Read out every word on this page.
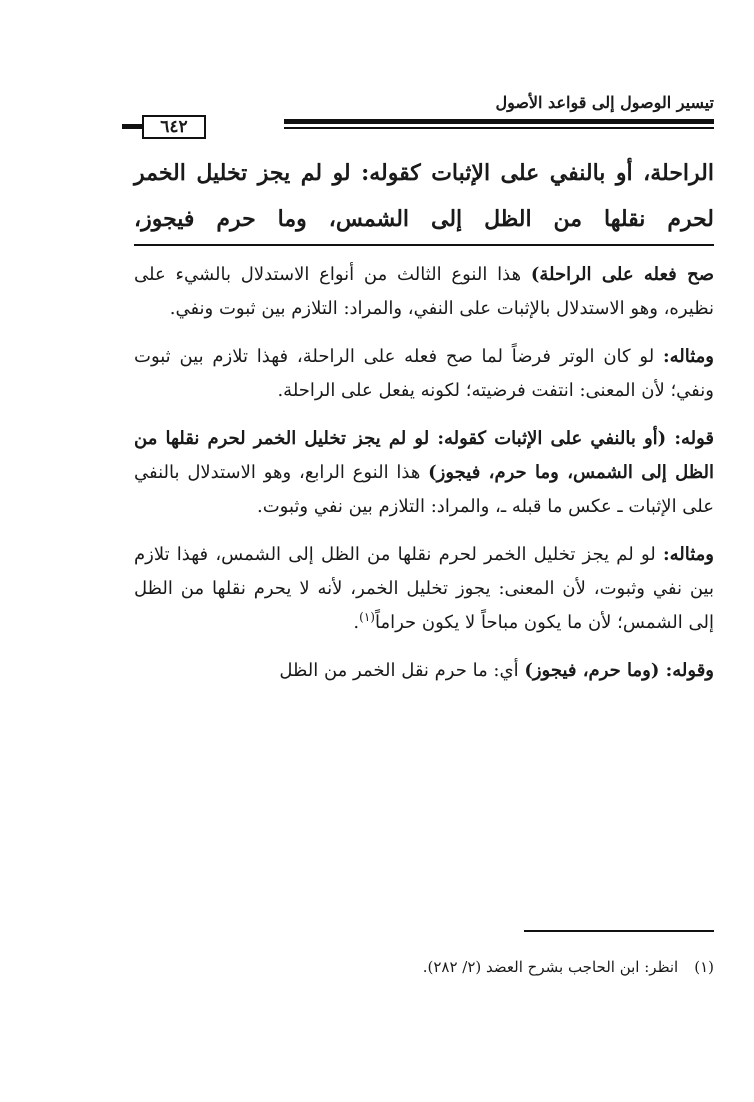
تيسير الوصول إلى قواعد الأصول
٦٤٢
الراحلة، أو بالنفي على الإثبات كقوله: لو لم يجز تخليل الخمر لحرم نقلها من الظل إلى الشمس، وما حرم فيجوز،

صح فعله على الراحلة) هذا النوع الثالث من أنواع الاستدلال بالشيء على نظيره، وهو الاستدلال بالإثبات على النفي، والمراد: التلازم بين ثبوت ونفي.

ومثاله: لو كان الوتر فرضاً لما صح فعله على الراحلة، فهذا تلازم بين ثبوت ونفي؛ لأن المعنى: انتفت فرضيته؛ لكونه يفعل على الراحلة.

قوله: (أو بالنفي على الإثبات كقوله: لو لم يجز تخليل الخمر لحرم نقلها من الظل إلى الشمس، وما حرم، فيجوز) هذا النوع الرابع، وهو الاستدلال بالنفي على الإثبات ـ عكس ما قبله ـ، والمراد: التلازم بين نفي وثبوت.

ومثاله: لو لم يجز تخليل الخمر لحرم نقلها من الظل إلى الشمس، فهذا تلازم بين نفي وثبوت، لأن المعنى: يجوز تخليل الخمر، لأنه لا يحرم نقلها من الظل إلى الشمس؛ لأن ما يكون مباحاً لا يكون حراماً$^{(١)}$.

وقوله: (وما حرم، فيجوز) أي: ما حرم نقل الخمر من الظل

(١)انظر: ابن الحاجب بشرح العضد (٢/ ٢٨٢).
